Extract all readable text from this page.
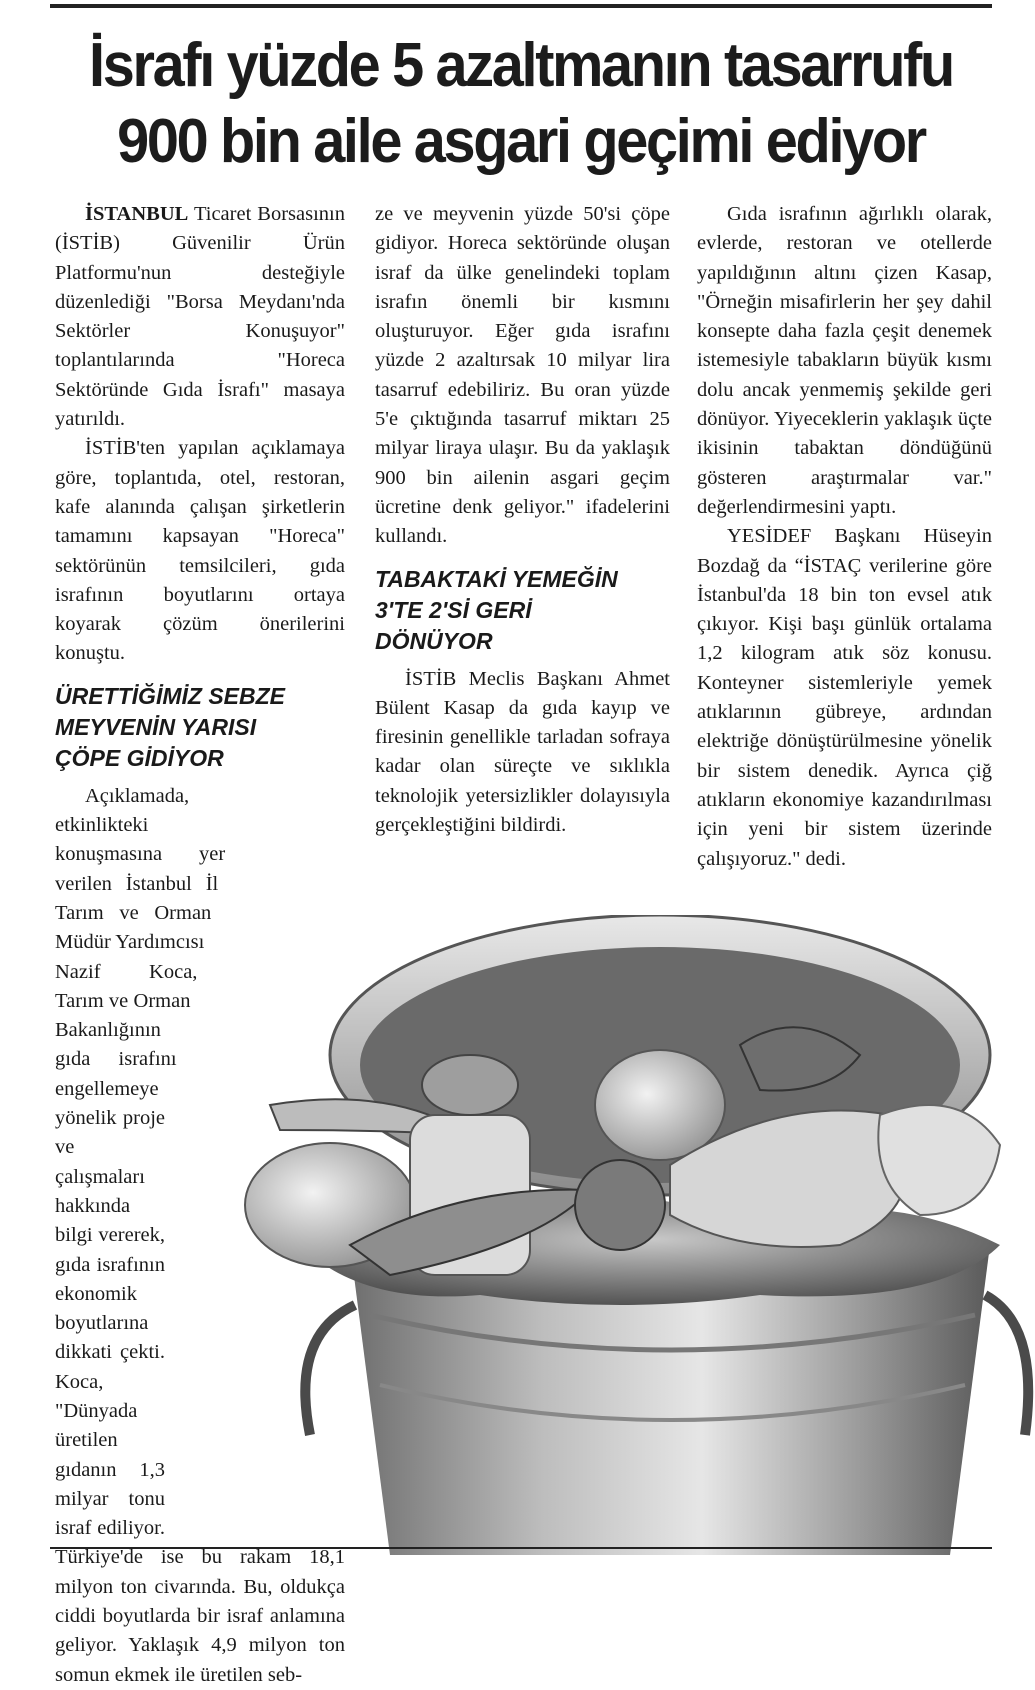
İsrafı yüzde 5 azaltmanın tasarrufu
900 bin aile asgari geçimi ediyor

İSTANBUL Ticaret Borsasının (İSTİB) Güvenilir Ürün Platformu'nun desteğiyle düzenlediği "Borsa Meydanı'nda Sektörler Konuşuyor" toplantılarında "Horeca Sektöründe Gıda İsrafı" masaya yatırıldı.

İSTİB'ten yapılan açıklamaya göre, toplantıda, otel, restoran, kafe alanında çalışan şirketlerin tamamını kapsayan "Horeca" sektörünün temsilcileri, gıda israfının boyutlarını ortaya koyarak çözüm önerilerini konuştu.

ÜRETTİĞİMİZ SEBZE MEYVENİN YARISI ÇÖPE GİDİYOR

Açıklamada, etkinlikteki konuşmasına yer verilen İstanbul İl Tarım ve Orman Müdür Yardımcısı Nazif Koca, Tarım ve Orman Bakanlığının gıda israfını engellemeye yönelik proje ve çalışmaları hakkında bilgi vererek, gıda israfının ekonomik boyutlarına dikkati çekti. Koca, "Dünyada üretilen gıdanın 1,3 milyar tonu israf ediliyor. Türkiye'de ise bu rakam 18,1 milyon ton civarında. Bu, oldukça ciddi boyutlarda bir israf anlamına geliyor. Yaklaşık 4,9 milyon ton somun ekmek ile üretilen seb-

ze ve meyvenin yüzde 50'si çöpe gidiyor. Horeca sektöründe oluşan israf da ülke genelindeki toplam israfın önemli bir kısmını oluşturuyor. Eğer gıda israfını yüzde 2 azaltırsak 10 milyar lira tasarruf edebiliriz. Bu oran yüzde 5'e çıktığında tasarruf miktarı 25 milyar liraya ulaşır. Bu da yaklaşık 900 bin ailenin asgari geçim ücretine denk geliyor." ifadelerini kullandı.

TABAKTAKİ YEMEĞİN 3'TE 2'Sİ GERİ DÖNÜYOR

İSTİB Meclis Başkanı Ahmet Bülent Kasap da gıda kayıp ve firesinin genellikle tarladan sofraya kadar olan süreçte ve sıklıkla teknolojik yetersizlikler dolayısıyla gerçekleştiğini bildirdi.

Gıda israfının ağırlıklı olarak, evlerde, restoran ve otellerde yapıldığının altını çizen Kasap, "Örneğin misafirlerin her şey dahil konsepte daha fazla çeşit denemek istemesiyle tabakların büyük kısmı dolu ancak yenmemiş şekilde geri dönüyor. Yiyeceklerin yaklaşık üçte ikisinin tabaktan döndüğünü gösteren araştırmalar var." değerlendirmesini yaptı.

YESİDEF Başkanı Hüseyin Bozdağ da “İSTAÇ verilerine göre İstanbul'da 18 bin ton evsel atık çıkıyor. Kişi başı günlük ortalama 1,2 kilogram atık söz konusu. Konteyner sistemleriyle yemek atıklarının gübreye, ardından elektriğe dönüştürülmesine yönelik bir sistem denedik. Ayrıca çiğ atıkların ekonomiye kazandırılması için yeni bir sistem üzerinde çalışıyoruz." dedi.
